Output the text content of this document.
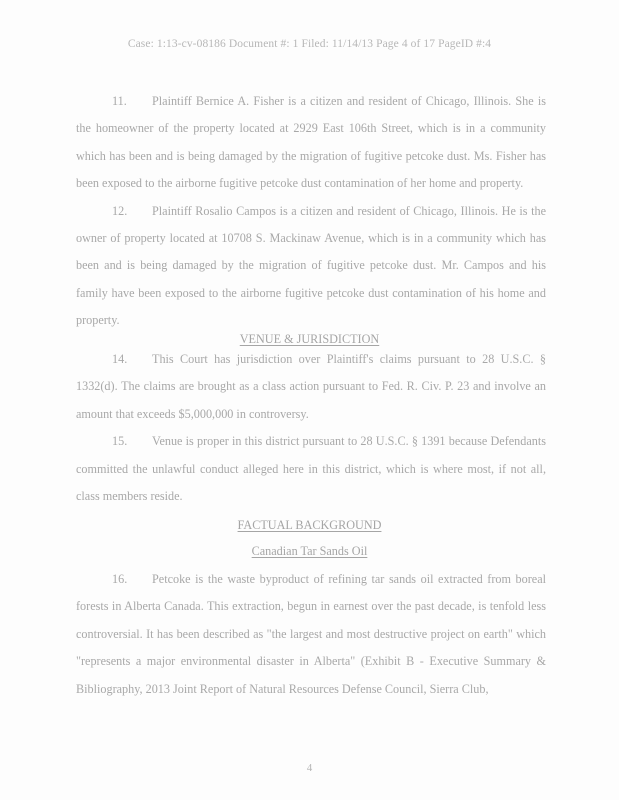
Case: 1:13-cv-08186 Document #: 1 Filed: 11/14/13 Page 4 of 17 PageID #:4

11. Plaintiff Bernice A. Fisher is a citizen and resident of Chicago, Illinois. She is the homeowner of the property located at 2929 East 106th Street, which is in a community which has been and is being damaged by the migration of fugitive petcoke dust. Ms. Fisher has been exposed to the airborne fugitive petcoke dust contamination of her home and property.

12. Plaintiff Rosalio Campos is a citizen and resident of Chicago, Illinois. He is the owner of property located at 10708 S. Mackinaw Avenue, which is in a community which has been and is being damaged by the migration of fugitive petcoke dust. Mr. Campos and his family have been exposed to the airborne fugitive petcoke dust contamination of his home and property.

VENUE & JURISDICTION

14. This Court has jurisdiction over Plaintiff's claims pursuant to 28 U.S.C. § 1332(d). The claims are brought as a class action pursuant to Fed. R. Civ. P. 23 and involve an amount that exceeds $5,000,000 in controversy.

15. Venue is proper in this district pursuant to 28 U.S.C. § 1391 because Defendants committed the unlawful conduct alleged here in this district, which is where most, if not all, class members reside.

FACTUAL BACKGROUND
Canadian Tar Sands Oil

16. Petcoke is the waste byproduct of refining tar sands oil extracted from boreal forests in Alberta Canada. This extraction, begun in earnest over the past decade, is tenfold less controversial. It has been described as "the largest and most destructive project on earth" which "represents a major environmental disaster in Alberta" (Exhibit B - Executive Summary & Bibliography, 2013 Joint Report of Natural Resources Defense Council, Sierra Club,

4
